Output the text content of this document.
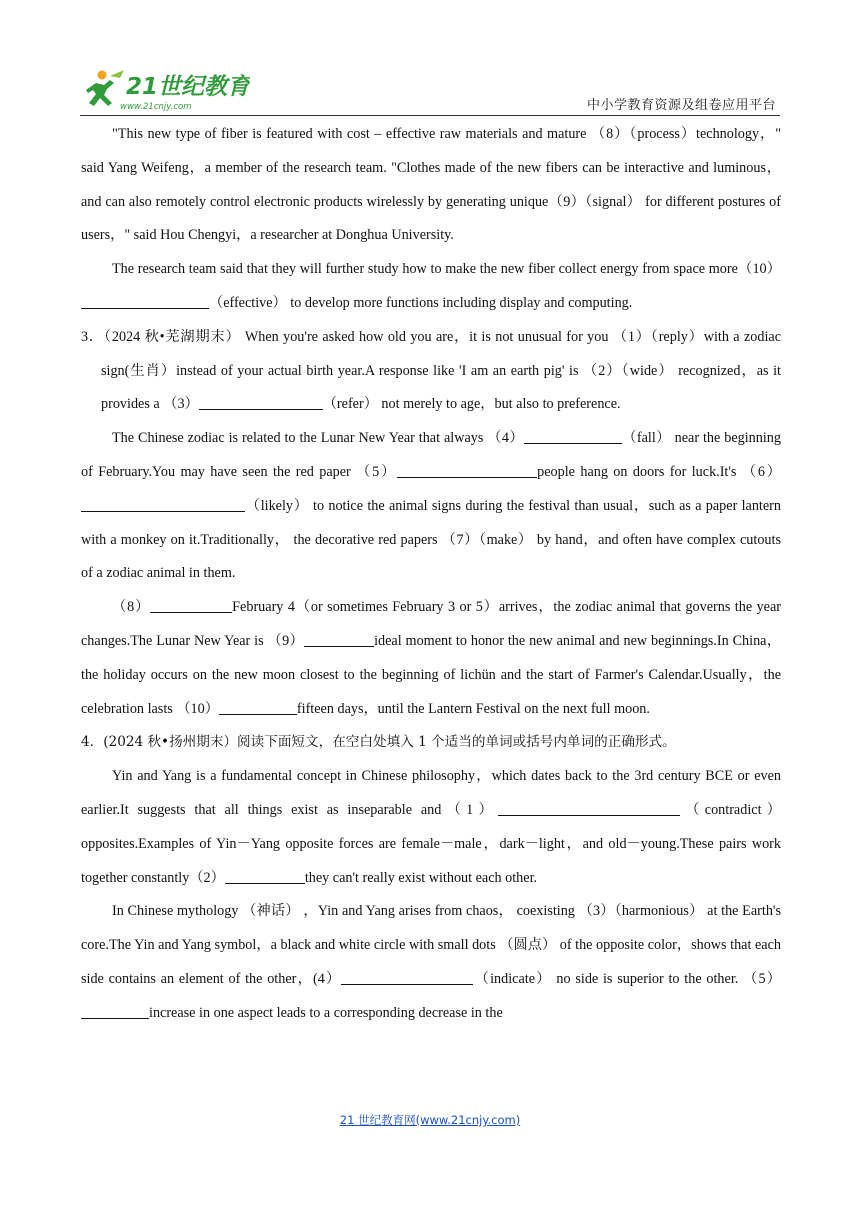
21世纪教育
www.21cnjy.com	中小学教育资源及组卷应用平台

"This new type of fiber is featured with cost – effective raw materials and mature （8）（process）technology，" said Yang Weifeng，a member of the research team. "Clothes made of the new fibers can be interactive and luminous，and can also remotely control electronic products wirelessly by generating unique（9）（signal） for different postures of users，" said Hou Chengyi，a researcher at Donghua University.

The research team said that they will further study how to make the new fiber collect energy from space more（10）（effective） to develop more functions including display and computing.

3．（2024 秋•芜湖期末） When you're asked how old you are，it is not unusual for you （1）（reply）with a zodiac sign(生肖）instead of your actual birth year.A response like 'I am an earth pig' is （2）（wide） recognized，as it provides a （3）	（refer） not merely to age，but also to preference.

The Chinese zodiac is related to the Lunar New Year that always （4）	（fall） near the beginning of February.You may have seen the red paper （5）	people hang on doors for luck.It's （6）（likely） to notice the animal signs during the festival than usual，such as a paper lantern with a monkey on it.Traditionally， the decorative red papers （7）（make） by hand，and often have complex cutouts of a zodiac animal in them.

（8）	February 4（or sometimes February 3 or 5）arrives，the zodiac animal that governs the year changes.The Lunar New Year is （9）	ideal moment to honor the new animal and new beginnings.In China， the holiday occurs on the new moon closest to the beginning of lichün and the start of Farmer's Calendar.Usually，the celebration lasts （10）	fifteen days，until the Lantern Festival on the next full moon.

4．(2024 秋•扬州期末）阅读下面短文，在空白处填入 1 个适当的单词或括号内单词的正确形式。

Yin and Yang is a fundamental concept in Chinese philosophy，which dates back to the 3rd century BCE or even earlier.It suggests that all things exist as inseparable and（1）	（contradict） opposites.Examples of Yin－Yang opposite forces are female－male，dark－light，and old－young.These pairs work together constantly（2）	they can't really exist without each other.

In Chinese mythology （神话） ，Yin and Yang arises from chaos， coexisting （3）（harmonious） at the Earth's core.The Yin and Yang symbol，a black and white circle with small dots （圆点） of the opposite color，shows that each side contains an element of the other，(4）	（indicate） no side is superior to the other. （5）increase in one aspect leads to a corresponding decrease in the

21 世纪教育网(www.21cnjy.com)
